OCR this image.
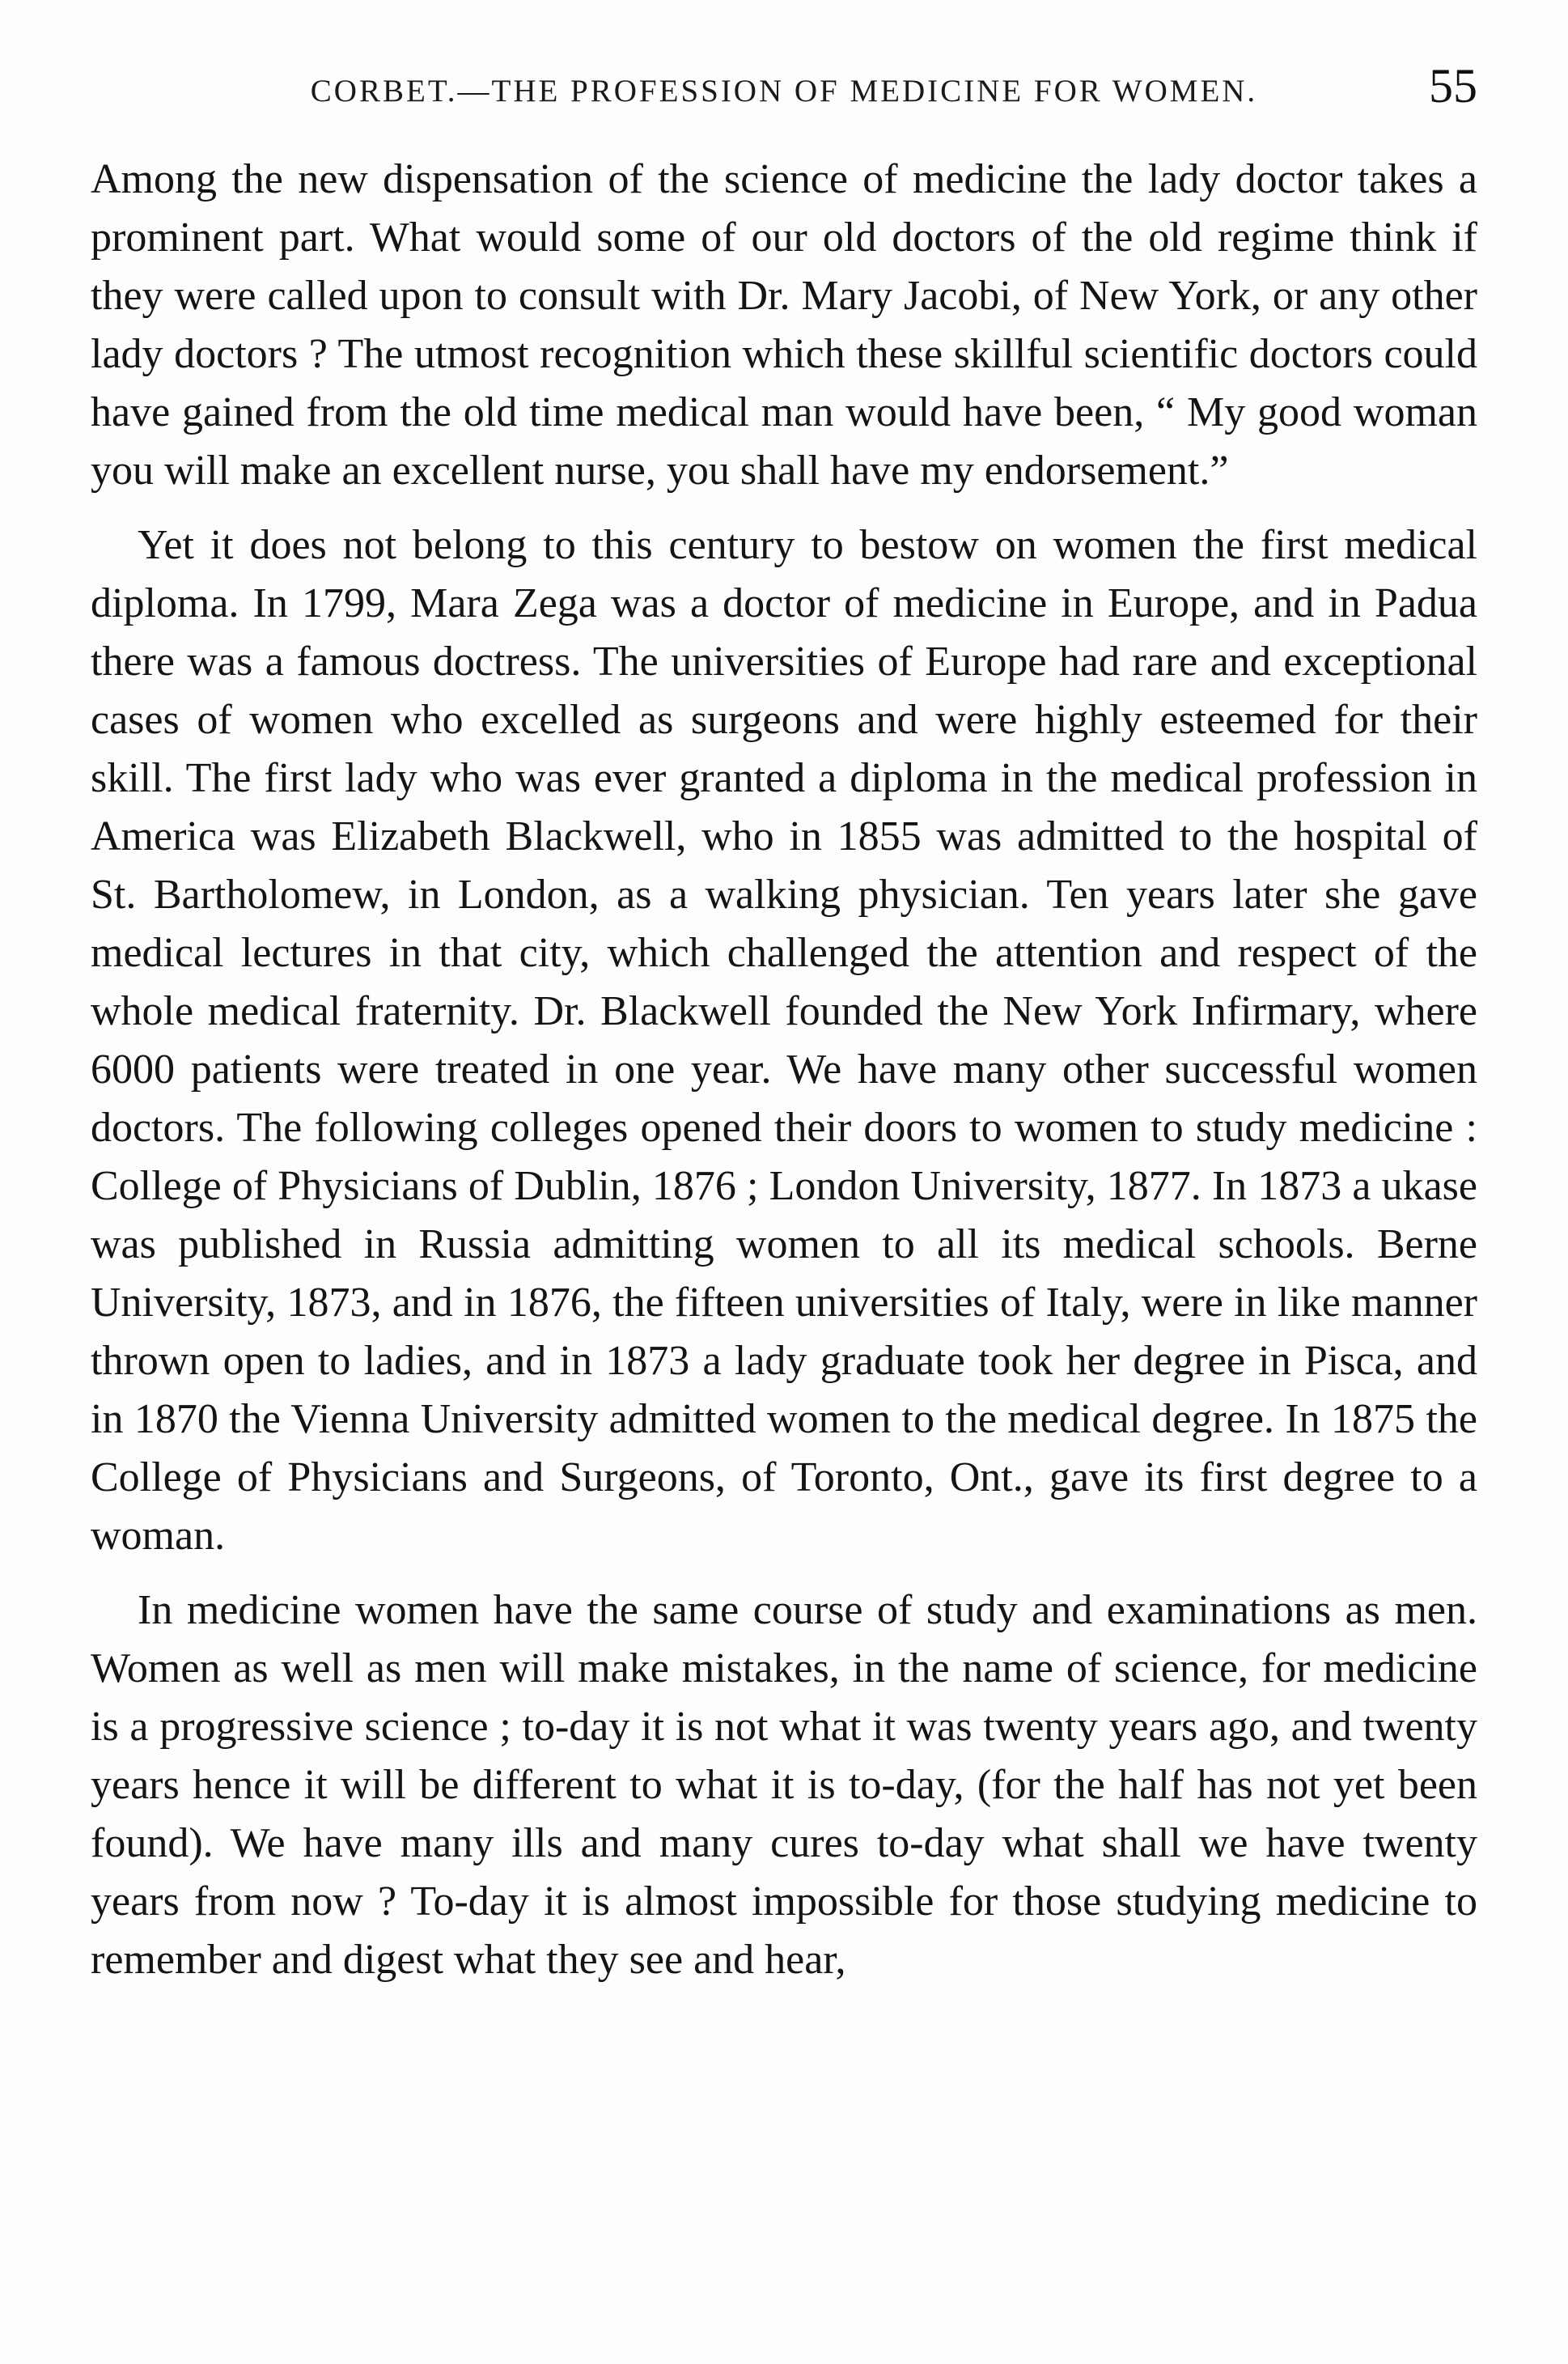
CORBET.—THE PROFESSION OF MEDICINE FOR WOMEN.	55

Among the new dispensation of the science of medicine the lady doctor takes a prominent part. What would some of our old doctors of the old regime think if they were called upon to consult with Dr. Mary Jacobi, of New York, or any other lady doctors ? The utmost recognition which these skillful scientific doctors could have gained from the old time medical man would have been, “ My good woman you will make an excellent nurse, you shall have my endorsement.”

Yet it does not belong to this century to bestow on women the first medical diploma. In 1799, Mara Zega was a doctor of medicine in Europe, and in Padua there was a famous doctress. The universities of Europe had rare and exceptional cases of women who excelled as surgeons and were highly esteemed for their skill. The first lady who was ever granted a diploma in the medical profession in America was Elizabeth Blackwell, who in 1855 was admitted to the hospital of St. Bartholomew, in London, as a walking physician. Ten years later she gave medical lectures in that city, which challenged the attention and respect of the whole medical fraternity. Dr. Blackwell founded the New York Infirmary, where 6000 patients were treated in one year. We have many other successful women doctors. The following colleges opened their doors to women to study medicine : College of Physicians of Dublin, 1876 ; London University, 1877. In 1873 a ukase was published in Russia admitting women to all its medical schools. Berne University, 1873, and in 1876, the fifteen universities of Italy, were in like manner thrown open to ladies, and in 1873 a lady graduate took her degree in Pisca, and in 1870 the Vienna University admitted women to the medical degree. In 1875 the College of Physicians and Surgeons, of Toronto, Ont., gave its first degree to a woman.

In medicine women have the same course of study and examinations as men. Women as well as men will make mistakes, in the name of science, for medicine is a progressive science ; to-day it is not what it was twenty years ago, and twenty years hence it will be different to what it is to-day, (for the half has not yet been found). We have many ills and many cures to-day what shall we have twenty years from now ? To-day it is almost impossible for those studying medicine to remember and digest what they see and hear,
